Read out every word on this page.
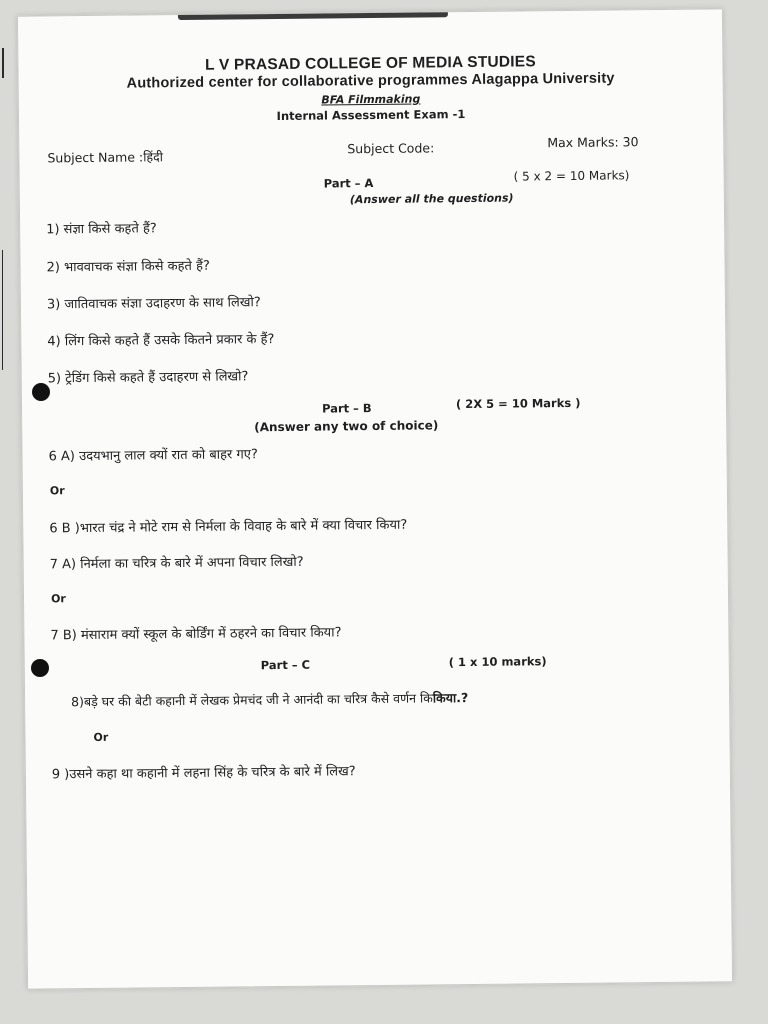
L V PRASAD COLLEGE OF MEDIA STUDIES
Authorized center for collaborative programmes Alagappa University
BFA Filmmaking
Internal Assessment Exam -1
Subject Name :हिंदी
Subject Code:	Max Marks: 30
Part – A	( 5 x 2 = 10 Marks)
(Answer all the questions)
1) संज्ञा किसे कहते हैं?
2) भाववाचक संज्ञा किसे कहते हैं?
3) जातिवाचक संज्ञा उदाहरण के साथ लिखो?
4) लिंग किसे कहते हैं उसके कितने प्रकार के हैं?
5) ट्रेडिंग किसे कहते हैं उदाहरण से लिखो?
Part – B	( 2X 5 = 10 Marks )
(Answer any two of choice)
6 A) उदयभानु लाल क्यों रात को बाहर गए?
Or
6 B )भारत चंद्र ने मोटे राम से निर्मला के विवाह के बारे में क्या विचार किया?
7 A) निर्मला का चरित्र के बारे में अपना विचार लिखो?
Or
7 B) मंसाराम क्यों स्कूल के बोर्डिंग में ठहरने का विचार किया?
Part – C	( 1 x 10 marks)
8)बड़े घर की बेटी कहानी में लेखक प्रेमचंद जी ने आनंदी का चरित्र कैसे वर्णन किकिया.?
Or
9 )उसने कहा था कहानी में लहना सिंह के चरित्र के बारे में लिख?
